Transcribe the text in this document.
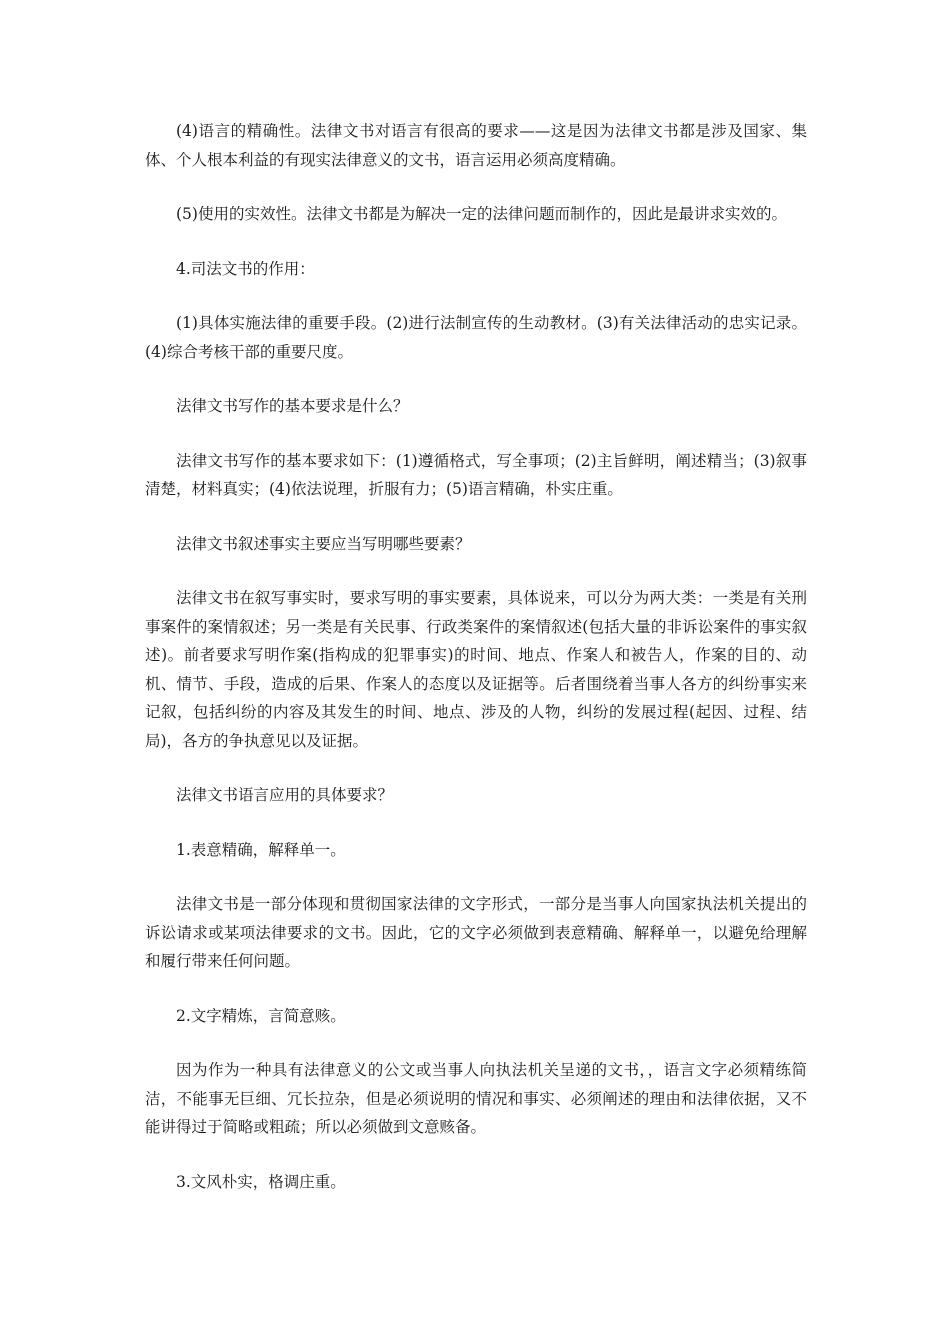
(4)语言的精确性。法律文书对语言有很高的要求——这是因为法律文书都是涉及国家、集体、个人根本利益的有现实法律意义的文书，语言运用必须高度精确。

(5)使用的实效性。法律文书都是为解决一定的法律问题而制作的，因此是最讲求实效的。

4.司法文书的作用：

(1)具体实施法律的重要手段。(2)进行法制宣传的生动教材。(3)有关法律活动的忠实记录。(4)综合考核干部的重要尺度。

法律文书写作的基本要求是什么？

法律文书写作的基本要求如下：(1)遵循格式，写全事项；(2)主旨鲜明，阐述精当；(3)叙事清楚，材料真实；(4)依法说理，折服有力；(5)语言精确，朴实庄重。

法律文书叙述事实主要应当写明哪些要素？

法律文书在叙写事实时，要求写明的事实要素，具体说来，可以分为两大类：一类是有关刑事案件的案情叙述；另一类是有关民事、行政类案件的案情叙述(包括大量的非诉讼案件的事实叙述)。前者要求写明作案(指构成的犯罪事实)的时间、地点、作案人和被告人，作案的目的、动机、情节、手段，造成的后果、作案人的态度以及证据等。后者围绕着当事人各方的纠纷事实来记叙，包括纠纷的内容及其发生的时间、地点、涉及的人物，纠纷的发展过程(起因、过程、结局)，各方的争执意见以及证据。

法律文书语言应用的具体要求？

1.表意精确，解释单一。

法律文书是一部分体现和贯彻国家法律的文字形式，一部分是当事人向国家执法机关提出的诉讼请求或某项法律要求的文书。因此，它的文字必须做到表意精确、解释单一，以避免给理解和履行带来任何问题。

2.文字精炼，言简意赅。

因为作为一种具有法律意义的公文或当事人向执法机关呈递的文书，，语言文字必须精练简洁，不能事无巨细、冗长拉杂，但是必须说明的情况和事实、必须阐述的理由和法律依据，又不能讲得过于简略或粗疏；所以必须做到文意赅备。

3.文风朴实，格调庄重。
